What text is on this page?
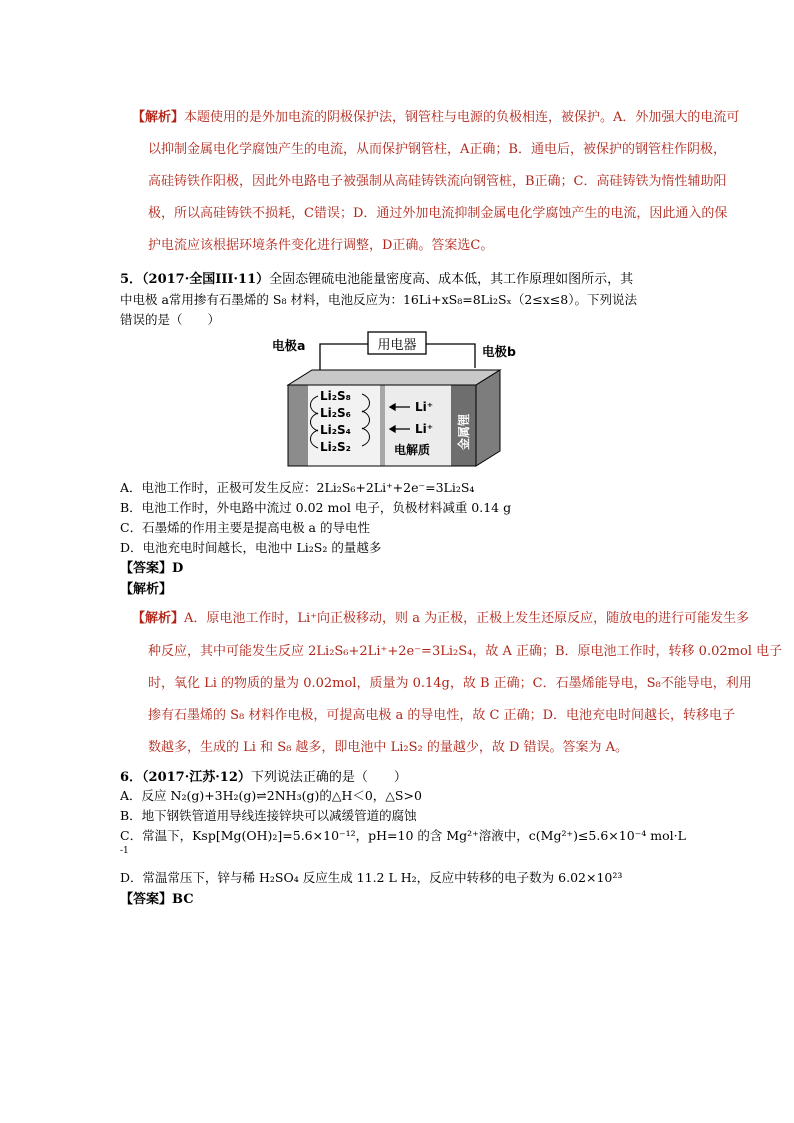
【解析】本题使用的是外加电流的阴极保护法，钢管柱与电源的负极相连，被保护。A．外加强大的电流可
以抑制金属电化学腐蚀产生的电流，从而保护钢管柱，A正确；B．通电后，被保护的钢管柱作阴极，
高硅铸铁作阳极，因此外电路电子被强制从高硅铸铁流向钢管桩，B正确；C．高硅铸铁为惰性辅助阳
极，所以高硅铸铁不损耗，C错误；D．通过外加电流抑制金属电化学腐蚀产生的电流，因此通入的保
护电流应该根据环境条件变化进行调整，D正确。答案选C。
5．（2017·全国III·11）全固态锂硫电池能量密度高、成本低，其工作原理如图所示，其
中电极 a常用掺有石墨烯的 S₈ 材料，电池反应为：16Li+xS₈=8Li₂Sₓ（2≤x≤8）。下列说法
错误的是（　　）
用电器
电极a	电极b
Li₂S₈
Li₂S₆
Li₂S₄
Li₂S₂
Li⁺
Li⁺
电解质 金属锂
A．电池工作时，正极可发生反应：2Li₂S₆+2Li⁺+2e⁻=3Li₂S₄
B．电池工作时，外电路中流过 0.02 mol 电子，负极材料减重 0.14 g
C．石墨烯的作用主要是提高电极 a 的导电性
D．电池充电时间越长，电池中 Li₂S₂ 的量越多
【答案】D
【解析】
【解析】A．原电池工作时，Li⁺向正极移动，则 a 为正极，正极上发生还原反应，随放电的进行可能发生多
种反应，其中可能发生反应 2Li₂S₆+2Li⁺+2e⁻=3Li₂S₄，故 A 正确；B．原电池工作时，转移 0.02mol 电子
时，氧化 Li 的物质的量为 0.02mol，质量为 0.14g，故 B 正确；C．石墨烯能导电，S₈不能导电，利用
掺有石墨烯的 S₈ 材料作电极，可提高电极 a 的导电性，故 C 正确；D．电池充电时间越长，转移电子
数越多，生成的 Li 和 S₈ 越多，即电池中 Li₂S₂ 的量越少，故 D 错误。答案为 A。
6．（2017·江苏·12）下列说法正确的是（　　）
A．反应 N₂(g)+3H₂(g)⇌2NH₃(g)的△H＜0，△S>0
B．地下钢铁管道用导线连接锌块可以减缓管道的腐蚀
C．常温下，Ksp[Mg(OH)₂]=5.6×10⁻¹²，pH=10 的含 Mg²⁺溶液中，c(Mg²⁺)≤5.6×10⁻⁴ mol·L
-1
D．常温常压下，锌与稀 H₂SO₄ 反应生成 11.2 L H₂，反应中转移的电子数为 6.02×10²³
【答案】BC
